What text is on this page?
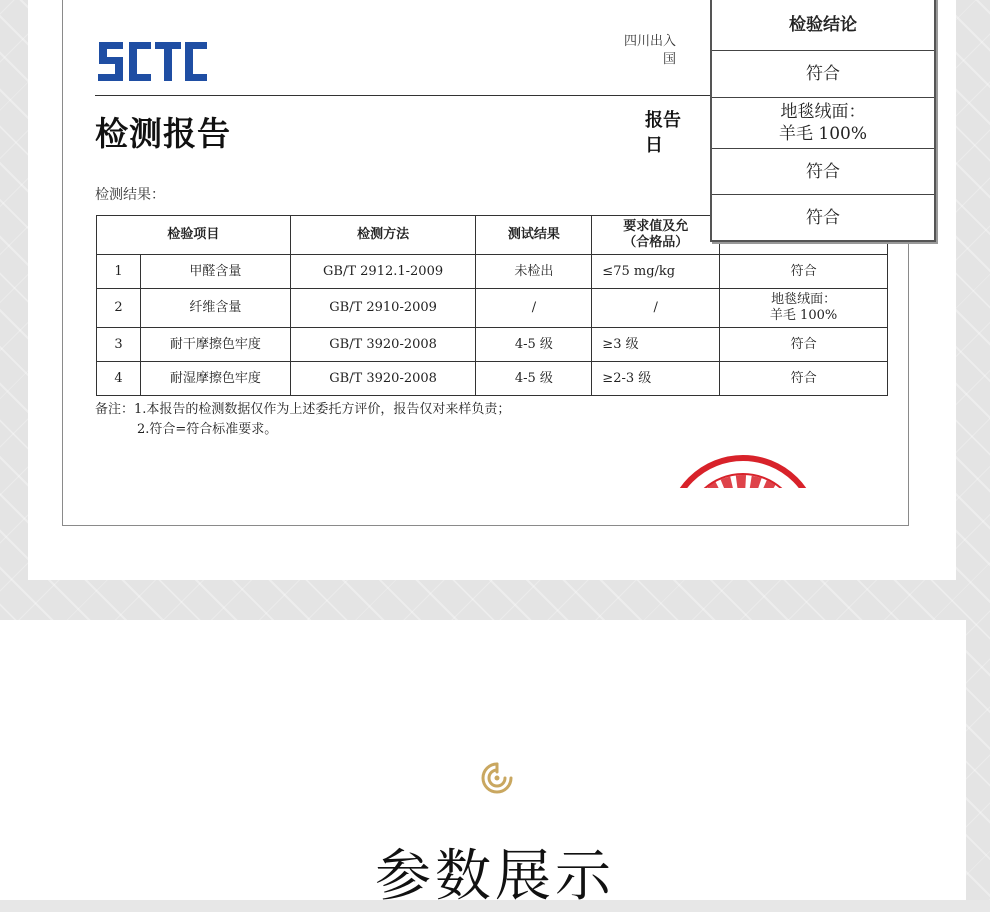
四川出入
国
检测报告	报告
日
检测结果：
检验项目		检测方法	测试结果	要求值及允
（合格品）	

1	甲醛含量	GB/T 2912.1-2009	未检出	≤75 mg/kg	符合
2	纤维含量	GB/T 2910-2009	/	/	地毯绒面：
羊毛 100%

3	耐干摩擦色牢度	GB/T 3920-2008	4-5 级	≥3 级	符合
4	耐湿摩擦色牢度	GB/T 3920-2008	4-5 级	≥2-3 级	符合
备注：1.本报告的检测数据仅作为上述委托方评价，报告仅对来样负责；
2.符合=符合标准要求。
检验结论
符合
地毯绒面：
羊毛 100%
符合
符合
参数展示
